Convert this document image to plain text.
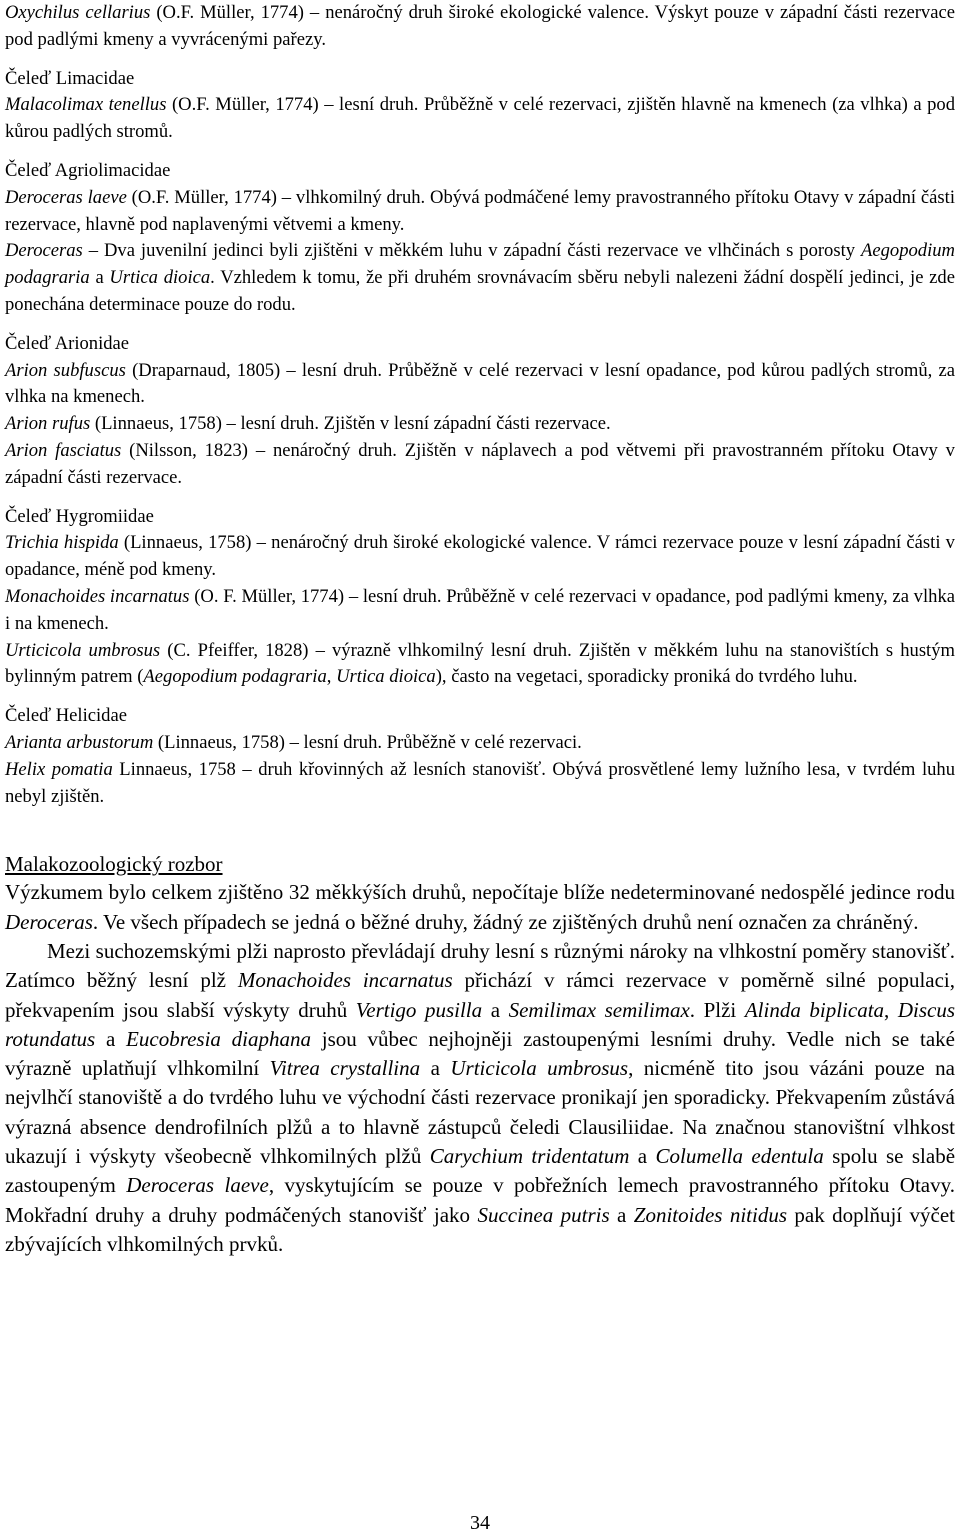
Oxychilus cellarius (O.F. Müller, 1774) – nenáročný druh široké ekologické valence. Výskyt pouze v západní části rezervace pod padlými kmeny a vyvrácenými pařezy.

Čeleď Limacidae

Malacolimax tenellus (O.F. Müller, 1774) – lesní druh. Průběžně v celé rezervaci, zjištěn hlavně na kmenech (za vlhka) a pod kůrou padlých stromů.

Čeleď Agriolimacidae

Deroceras laeve (O.F. Müller, 1774) – vlhkomilný druh. Obývá podmáčené lemy pravostranného přítoku Otavy v západní části rezervace, hlavně pod naplavenými větvemi a kmeny.

Deroceras – Dva juvenilní jedinci byli zjištěni v měkkém luhu v západní části rezervace ve vlhčinách s porosty Aegopodium podagraria a Urtica dioica. Vzhledem k tomu, že při druhém srovnávacím sběru nebyli nalezeni žádní dospělí jedinci, je zde ponechána determinace pouze do rodu.

Čeleď Arionidae

Arion subfuscus (Draparnaud, 1805) – lesní druh. Průběžně v celé rezervaci v lesní opadance, pod kůrou padlých stromů, za vlhka na kmenech.

Arion rufus (Linnaeus, 1758) – lesní druh. Zjištěn v lesní západní části rezervace.

Arion fasciatus (Nilsson, 1823) – nenáročný druh. Zjištěn v náplavech a pod větvemi při pravostranném přítoku Otavy v západní části rezervace.

Čeleď Hygromiidae

Trichia hispida (Linnaeus, 1758) – nenáročný druh široké ekologické valence. V rámci rezervace pouze v lesní západní části v opadance, méně pod kmeny.

Monachoides incarnatus (O. F. Müller, 1774) – lesní druh. Průběžně v celé rezervaci v opadance, pod padlými kmeny, za vlhka i na kmenech.

Urticicola umbrosus (C. Pfeiffer, 1828) – výrazně vlhkomilný lesní druh. Zjištěn v měkkém luhu na stanovištích s hustým bylinným patrem (Aegopodium podagraria, Urtica dioica), často na vegetaci, sporadicky proniká do tvrdého luhu.

Čeleď Helicidae

Arianta arbustorum (Linnaeus, 1758) – lesní druh. Průběžně v celé rezervaci.

Helix pomatia Linnaeus, 1758 – druh křovinných až lesních stanovišť. Obývá prosvětlené lemy lužního lesa, v tvrdém luhu nebyl zjištěn.

Malakozoologický rozbor

Výzkumem bylo celkem zjištěno 32 měkkýších druhů, nepočítaje blíže nedeterminované nedospělé jedince rodu Deroceras. Ve všech případech se jedná o běžné druhy, žádný ze zjištěných druhů není označen za chráněný.

Mezi suchozemskými plži naprosto převládají druhy lesní s různými nároky na vlhkostní poměry stanovišť. Zatímco běžný lesní plž Monachoides incarnatus přichází v rámci rezervace v poměrně silné populaci, překvapením jsou slabší výskyty druhů Vertigo pusilla a Semilimax semilimax. Plži Alinda biplicata, Discus rotundatus a Eucobresia diaphana jsou vůbec nejhojněji zastoupenými lesními druhy. Vedle nich se také výrazně uplatňují vlhkomilní Vitrea crystallina a Urticicola umbrosus, nicméně tito jsou vázáni pouze na nejvlhčí stanoviště a do tvrdého luhu ve východní části rezervace pronikají jen sporadicky. Překvapením zůstává výrazná absence dendrofilních plžů a to hlavně zástupců čeledi Clausiliidae. Na značnou stanovištní vlhkost ukazují i výskyty všeobecně vlhkomilných plžů Carychium tridentatum a Columella edentula spolu se slabě zastoupeným Deroceras laeve, vyskytujícím se pouze v pobřežních lemech pravostranného přítoku Otavy. Mokřadní druhy a druhy podmáčených stanovišť jako Succinea putris a Zonitoides nitidus pak doplňují výčet zbývajících vlhkomilných prvků.

34
